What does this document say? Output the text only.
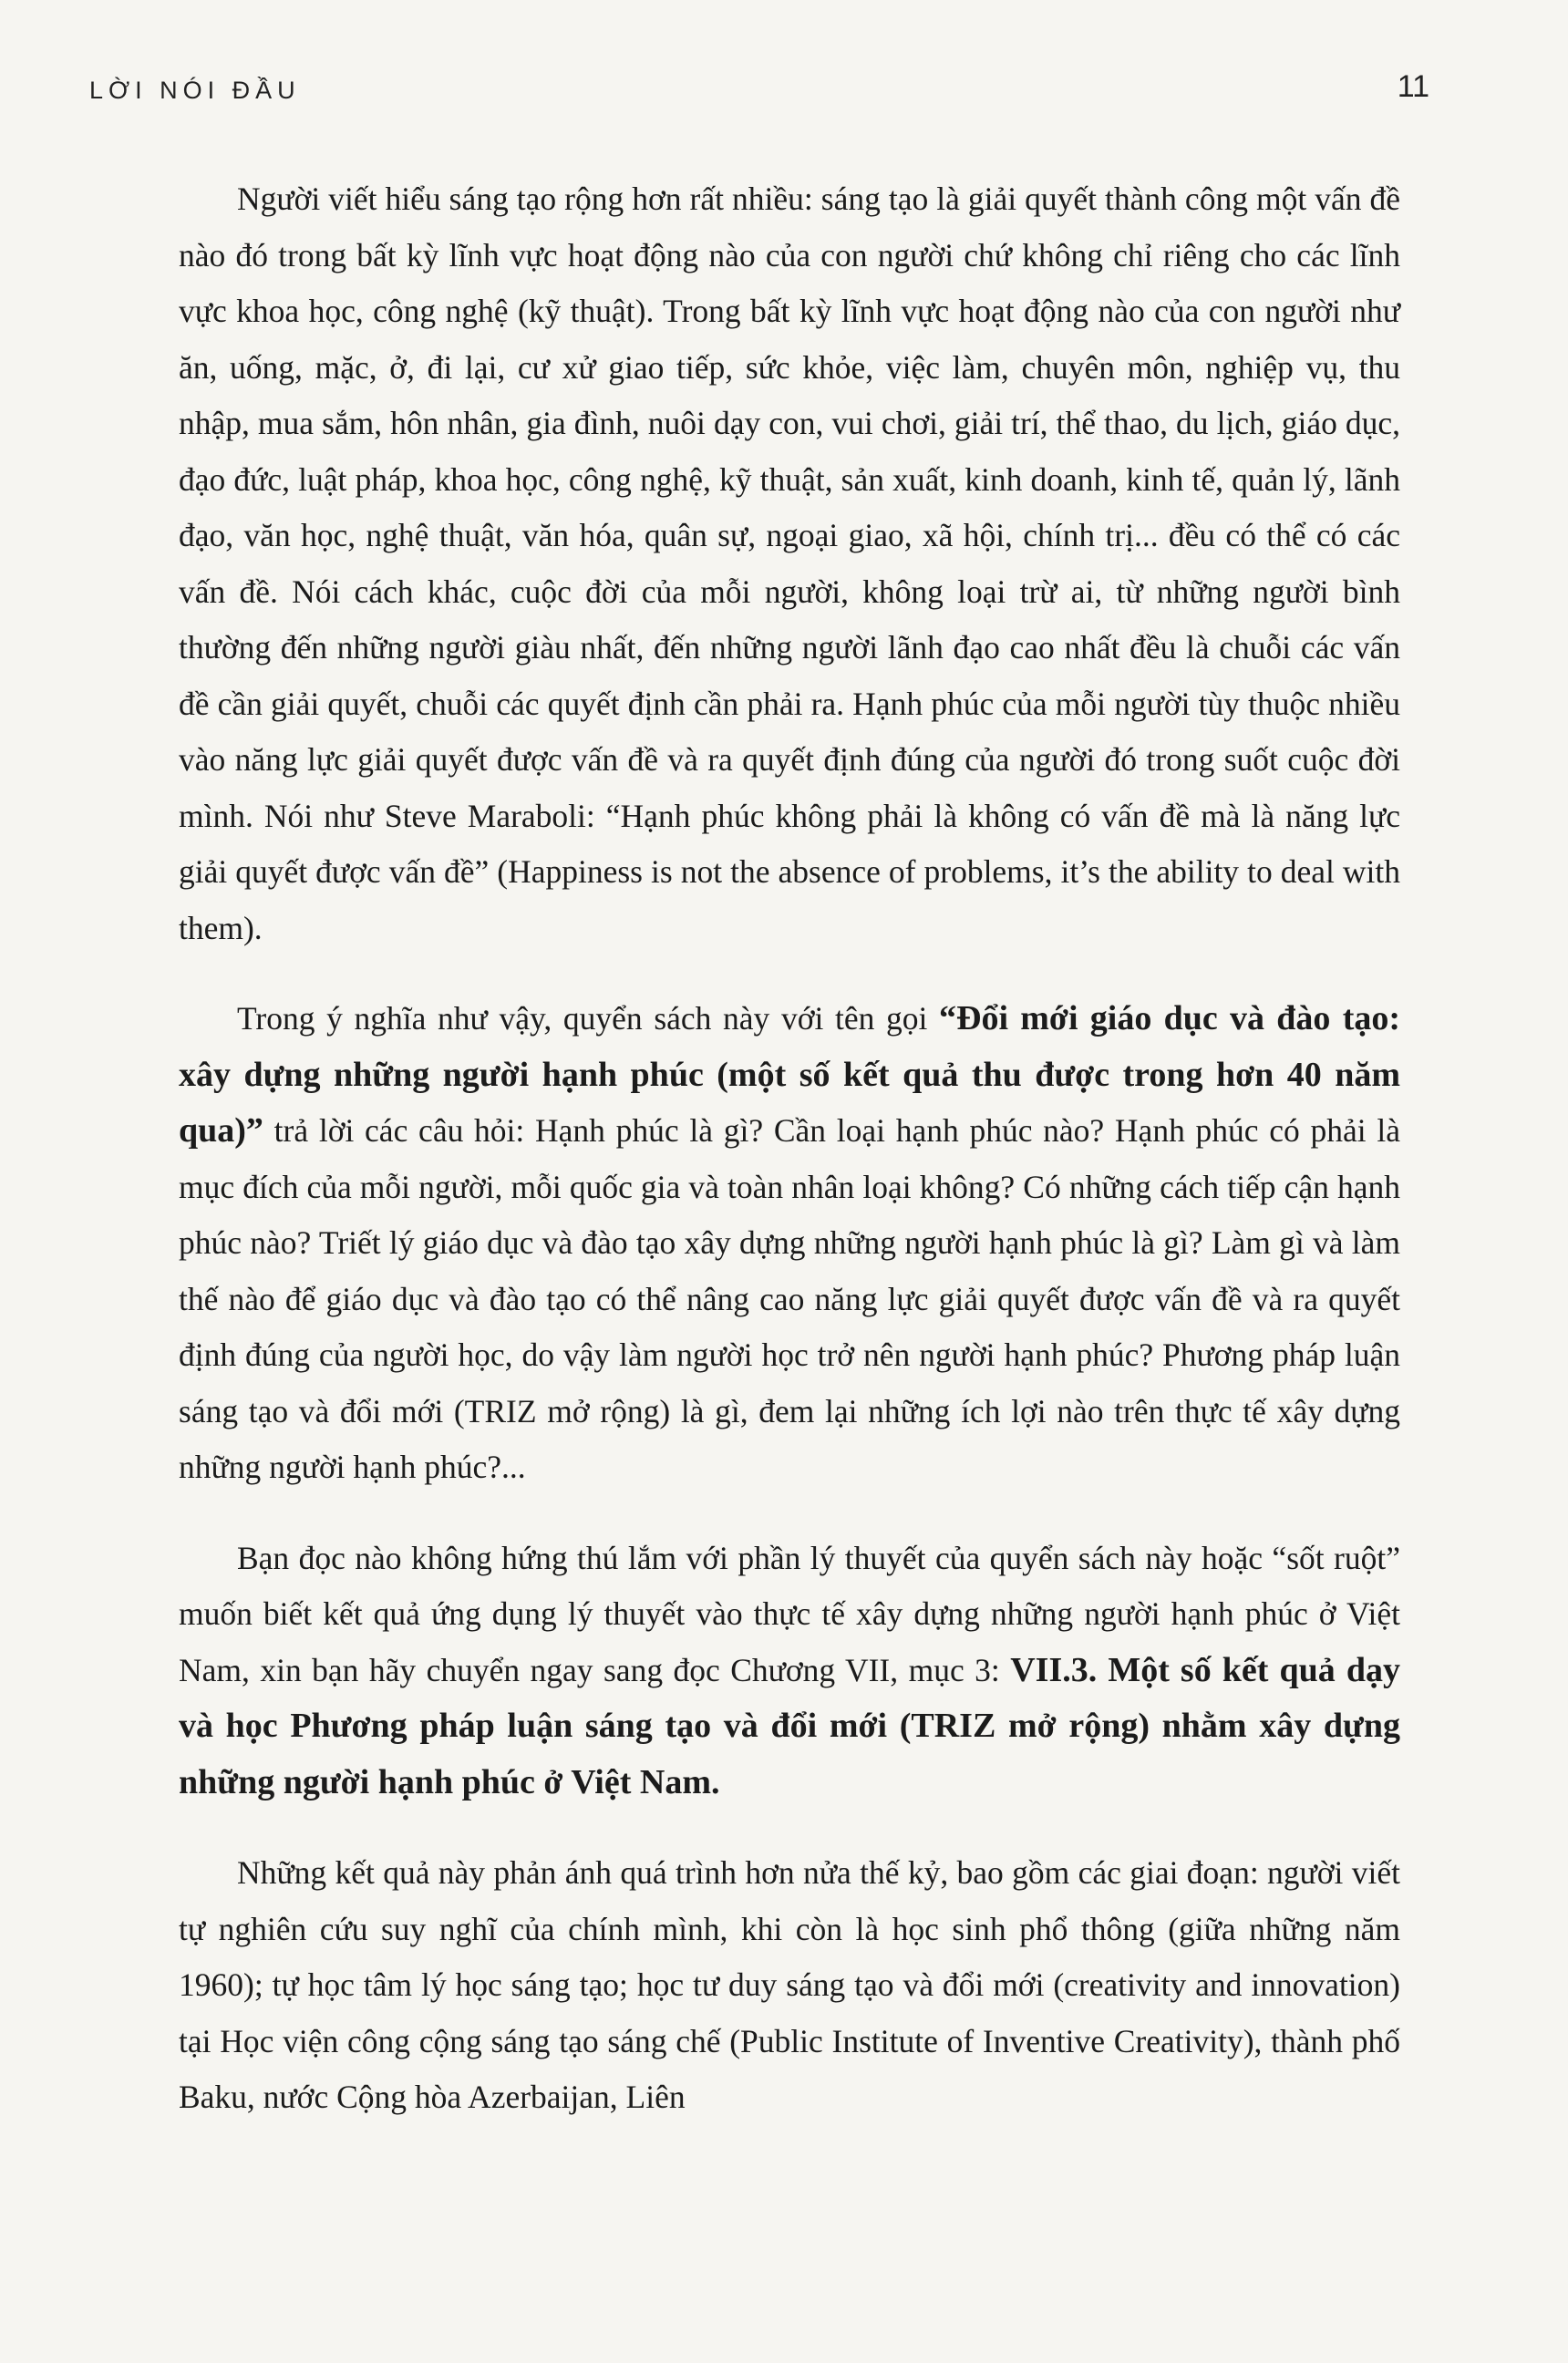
LỜI NÓI ĐẦU	11

Người viết hiểu sáng tạo rộng hơn rất nhiều: sáng tạo là giải quyết thành công một vấn đề nào đó trong bất kỳ lĩnh vực hoạt động nào của con người chứ không chỉ riêng cho các lĩnh vực khoa học, công nghệ (kỹ thuật). Trong bất kỳ lĩnh vực hoạt động nào của con người như ăn, uống, mặc, ở, đi lại, cư xử giao tiếp, sức khỏe, việc làm, chuyên môn, nghiệp vụ, thu nhập, mua sắm, hôn nhân, gia đình, nuôi dạy con, vui chơi, giải trí, thể thao, du lịch, giáo dục, đạo đức, luật pháp, khoa học, công nghệ, kỹ thuật, sản xuất, kinh doanh, kinh tế, quản lý, lãnh đạo, văn học, nghệ thuật, văn hóa, quân sự, ngoại giao, xã hội, chính trị... đều có thể có các vấn đề. Nói cách khác, cuộc đời của mỗi người, không loại trừ ai, từ những người bình thường đến những người giàu nhất, đến những người lãnh đạo cao nhất đều là chuỗi các vấn đề cần giải quyết, chuỗi các quyết định cần phải ra. Hạnh phúc của mỗi người tùy thuộc nhiều vào năng lực giải quyết được vấn đề và ra quyết định đúng của người đó trong suốt cuộc đời mình. Nói như Steve Maraboli: “Hạnh phúc không phải là không có vấn đề mà là năng lực giải quyết được vấn đề” (Happiness is not the absence of problems, it’s the ability to deal with them).

Trong ý nghĩa như vậy, quyển sách này với tên gọi “Đổi mới giáo dục và đào tạo: xây dựng những người hạnh phúc (một số kết quả thu được trong hơn 40 năm qua)” trả lời các câu hỏi: Hạnh phúc là gì? Cần loại hạnh phúc nào? Hạnh phúc có phải là mục đích của mỗi người, mỗi quốc gia và toàn nhân loại không? Có những cách tiếp cận hạnh phúc nào? Triết lý giáo dục và đào tạo xây dựng những người hạnh phúc là gì? Làm gì và làm thế nào để giáo dục và đào tạo có thể nâng cao năng lực giải quyết được vấn đề và ra quyết định đúng của người học, do vậy làm người học trở nên người hạnh phúc? Phương pháp luận sáng tạo và đổi mới (TRIZ mở rộng) là gì, đem lại những ích lợi nào trên thực tế xây dựng những người hạnh phúc?...

Bạn đọc nào không hứng thú lắm với phần lý thuyết của quyển sách này hoặc “sốt ruột” muốn biết kết quả ứng dụng lý thuyết vào thực tế xây dựng những người hạnh phúc ở Việt Nam, xin bạn hãy chuyển ngay sang đọc Chương VII, mục 3: VII.3. Một số kết quả dạy và học Phương pháp luận sáng tạo và đổi mới (TRIZ mở rộng) nhằm xây dựng những người hạnh phúc ở Việt Nam.

Những kết quả này phản ánh quá trình hơn nửa thế kỷ, bao gồm các giai đoạn: người viết tự nghiên cứu suy nghĩ của chính mình, khi còn là học sinh phổ thông (giữa những năm 1960); tự học tâm lý học sáng tạo; học tư duy sáng tạo và đổi mới (creativity and innovation) tại Học viện công cộng sáng tạo sáng chế (Public Institute of Inventive Creativity), thành phố Baku, nước Cộng hòa Azerbaijan, Liên
